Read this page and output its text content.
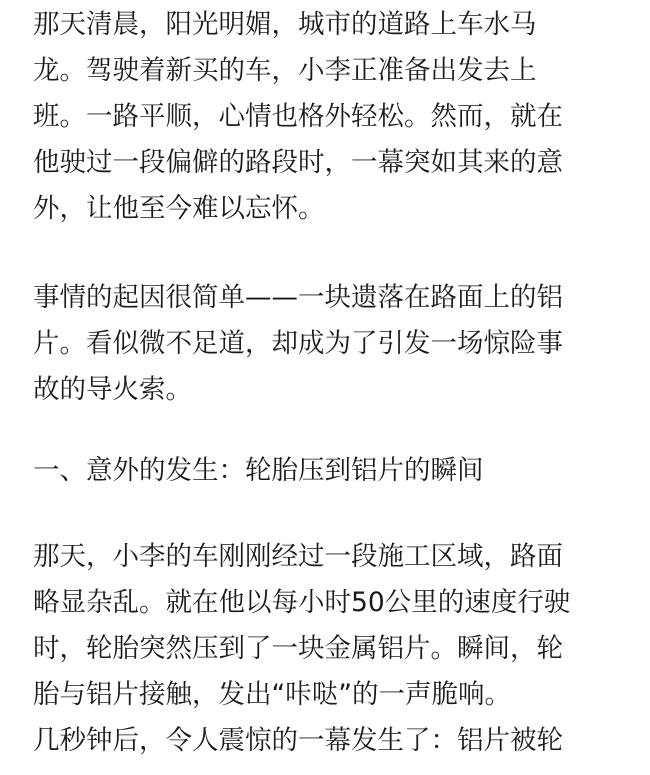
那天清晨，阳光明媚，城市的道路上车水马
龙。驾驶着新买的车，小李正准备出发去上
班。一路平顺，心情也格外轻松。然而，就在
他驶过一段偏僻的路段时，一幕突如其来的意
外，让他至今难以忘怀。
事情的起因很简单——一块遗落在路面上的铝
片。看似微不足道，却成为了引发一场惊险事
故的导火索。
一、意外的发生：轮胎压到铝片的瞬间
那天，小李的车刚刚经过一段施工区域，路面
略显杂乱。就在他以每小时50公里的速度行驶
时，轮胎突然压到了一块金属铝片。瞬间，轮
胎与铝片接触，发出“咔哒”的一声脆响。
几秒钟后，令人震惊的一幕发生了：铝片被轮
